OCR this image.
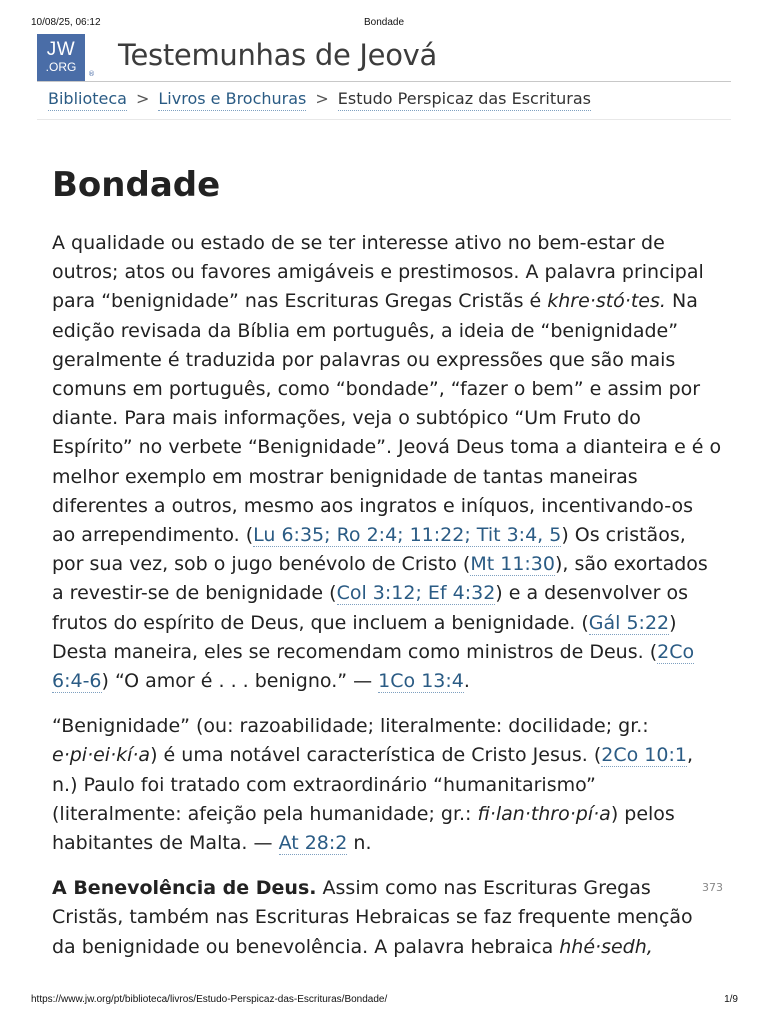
10/08/25, 06:12	Bondade
JW
.ORG	®
Testemunhas de Jeová
Biblioteca > Livros e Brochuras > Estudo Perspicaz das Escrituras
Bondade

A qualidade ou estado de se ter interesse ativo no bem-estar de outros; atos ou favores amigáveis e prestimosos. A palavra principal para “benignidade” nas Escrituras Gregas Cristãs é khre·stó·tes. Na edição revisada da Bíblia em português, a ideia de “benignidade” geralmente é traduzida por palavras ou expressões que são mais comuns em português, como “bondade”, “fazer o bem” e assim por diante. Para mais informações, veja o subtópico “Um Fruto do Espírito” no verbete “Benignidade”. Jeová Deus toma a dianteira e é o melhor exemplo em mostrar benignidade de tantas maneiras diferentes a outros, mesmo aos ingratos e iníquos, incentivando-os ao arrependimento. (Lu 6:35; Ro 2:4; 11:22; Tit 3:4, 5) Os cristãos, por sua vez, sob o jugo benévolo de Cristo (Mt 11:30), são exortados a revestir-se de benignidade (Col 3:12; Ef 4:32) e a desenvolver os frutos do espírito de Deus, que incluem a benignidade. (Gál 5:22) Desta maneira, eles se recomendam como ministros de Deus. (2Co 6:4-6) “O amor é . . . benigno.” — 1Co 13:4.

“Benignidade” (ou: razoabilidade; literalmente: docilidade; gr.: e·pi·ei·kí·a) é uma notável característica de Cristo Jesus. (2Co 10:1, n.) Paulo foi tratado com extraordinário “humanitarismo” (literalmente: afeição pela humanidade; gr.: fi·lan·thro·pí·a) pelos habitantes de Malta. — At 28:2 n.

A Benevolência de Deus. Assim como nas Escrituras Gregas Cristãs, também nas Escrituras Hebraicas se faz frequente menção da benignidade ou benevolência. A palavra hebraica hhé·sedh,

373
https://www.jw.org/pt/biblioteca/livros/Estudo-Perspicaz-das-Escrituras/Bondade/	1/9
